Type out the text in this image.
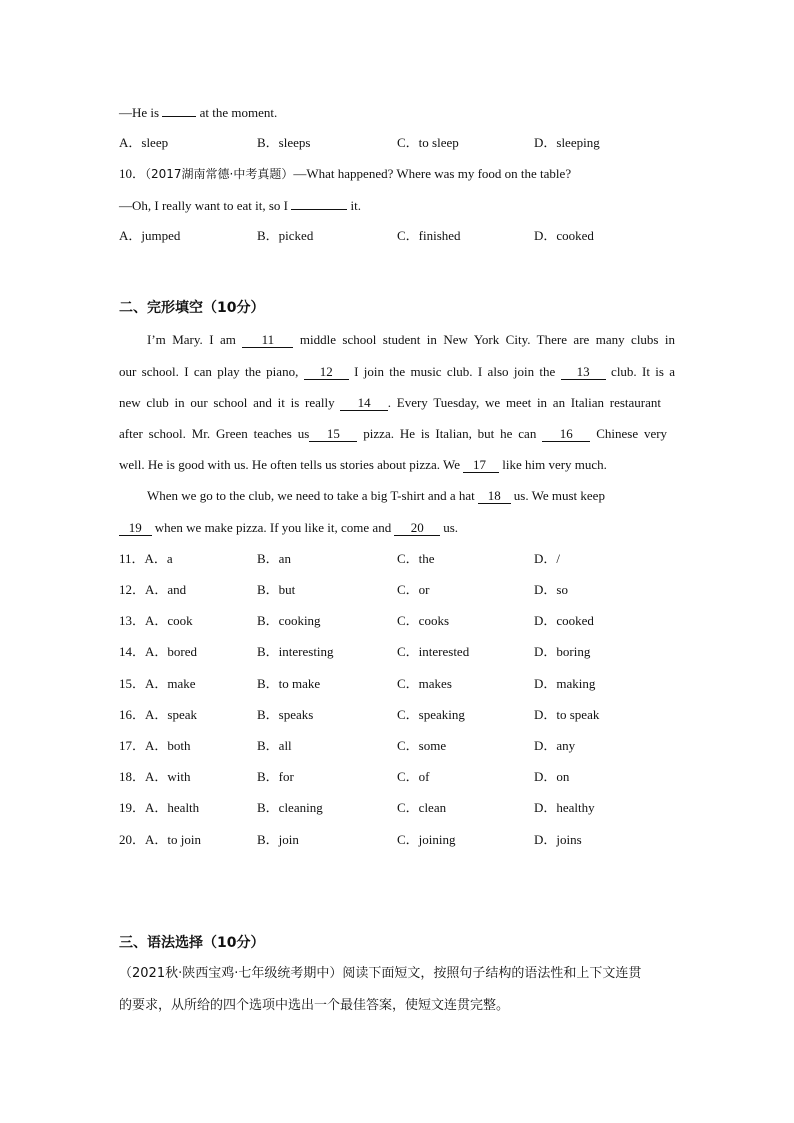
—He is	at the moment.
A．sleep	B．sleeps	C．to sleep	D．sleeping
10．（2017湖南常德·中考真题）—What happened? Where was my food on the table?
—Oh, I really want to eat it, so I	it.
A．jumped	B．picked	C．finished	D．cooked
二、完形填空（10分）
I’m Mary. I am 11 middle school student in New York City. There are many clubs in
our school. I can play the piano, 12 I join the music club. I also join the 13 club. It is a
new club in our school and it is really 14 . Every Tuesday, we meet in an Italian restaurant
after school. Mr. Green teaches us 15 pizza. He is Italian, but he can 16 Chinese very
well. He is good with us. He often tells us stories about pizza. We 17 like him very much.
When we go to the club, we need to take a big T-shirt and a hat 18 us. We must keep
19 when we make pizza. If you like it, come and 20 us.
11．A．a	B．an	C．the	D．/
12．A．and	B．but	C．or	D．so
13．A．cook	B．cooking	C．cooks	D．cooked
14．A．bored	B．interesting	C．interested	D．boring
15．A．make	B．to make	C．makes	D．making
16．A．speak	B．speaks	C．speaking	D．to speak
17．A．both	B．all	C．some	D．any
18．A．with	B．for	C．of	D．on
19．A．health	B．cleaning	C．clean	D．healthy
20．A．to join	B．join	C．joining	D．joins
三、语法选择（10分）
（2021秋·陕西宝鸡·七年级统考期中）阅读下面短文，按照句子结构的语法性和上下文连贯
的要求，从所给的四个选项中选出一个最佳答案，使短文连贯完整。
